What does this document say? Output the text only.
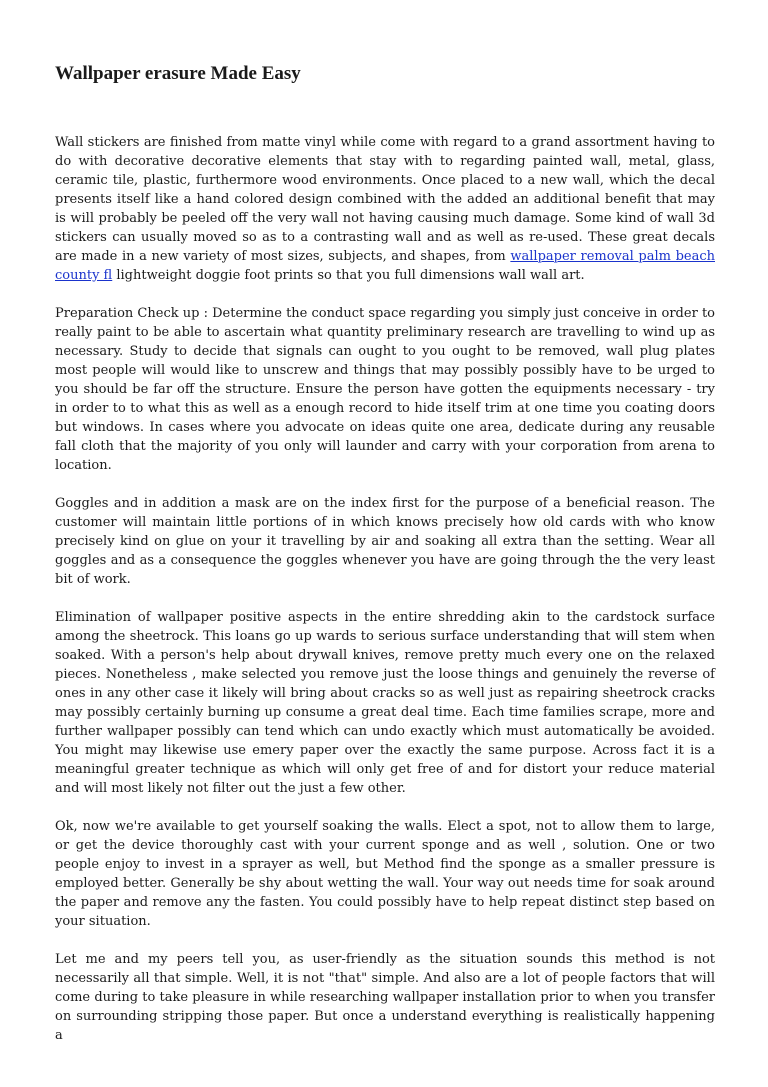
Wallpaper erasure Made Easy

Wall stickers are finished from matte vinyl while come with regard to a grand assortment having to do with decorative decorative elements that stay with to regarding painted wall, metal, glass, ceramic tile, plastic, furthermore wood environments. Once placed to a new wall, which the decal presents itself like a hand colored design combined with the added an additional benefit that may is will probably be peeled off the very wall not having causing much damage. Some kind of wall 3d stickers can usually moved so as to a contrasting wall and as well as re-used. These great decals are made in a new variety of most sizes, subjects, and shapes, from wallpaper removal palm beach county fl lightweight doggie foot prints so that you full dimensions wall wall art.

Preparation Check up : Determine the conduct space regarding you simply just conceive in order to really paint to be able to ascertain what quantity preliminary research are travelling to wind up as necessary. Study to decide that signals can ought to you ought to be removed, wall plug plates most people will would like to unscrew and things that may possibly possibly have to be urged to you should be far off the structure. Ensure the person have gotten the equipments necessary - try in order to to what this as well as a enough record to hide itself trim at one time you coating doors but windows. In cases where you advocate on ideas quite one area, dedicate during any reusable fall cloth that the majority of you only will launder and carry with your corporation from arena to location.

Goggles and in addition a mask are on the index first for the purpose of a beneficial reason. The customer will maintain little portions of in which knows precisely how old cards with who know precisely kind on glue on your it travelling by air and soaking all extra than the setting. Wear all goggles and as a consequence the goggles whenever you have are going through the the very least bit of work.

Elimination of wallpaper positive aspects in the entire shredding akin to the cardstock surface among the sheetrock. This loans go up wards to serious surface understanding that will stem when soaked. With a person's help about drywall knives, remove pretty much every one on the relaxed pieces. Nonetheless , make selected you remove just the loose things and genuinely the reverse of ones in any other case it likely will bring about cracks so as well just as repairing sheetrock cracks may possibly certainly burning up consume a great deal time. Each time families scrape, more and further wallpaper possibly can tend which can undo exactly which must automatically be avoided. You might may likewise use emery paper over the exactly the same purpose. Across fact it is a meaningful greater technique as which will only get free of and for distort your reduce material and will most likely not filter out the just a few other.

Ok, now we're available to get yourself soaking the walls. Elect a spot, not to allow them to large, or get the device thoroughly cast with your current sponge and as well , solution. One or two people enjoy to invest in a sprayer as well, but Method find the sponge as a smaller pressure is employed better. Generally be shy about wetting the wall. Your way out needs time for soak around the paper and remove any the fasten. You could possibly have to help repeat distinct step based on your situation.

Let me and my peers tell you, as user-friendly as the situation sounds this method is not necessarily all that simple. Well, it is not "that" simple. And also are a lot of people factors that will come during to take pleasure in while researching wallpaper installation prior to when you transfer on surrounding stripping those paper. But once a understand everything is realistically happening a
